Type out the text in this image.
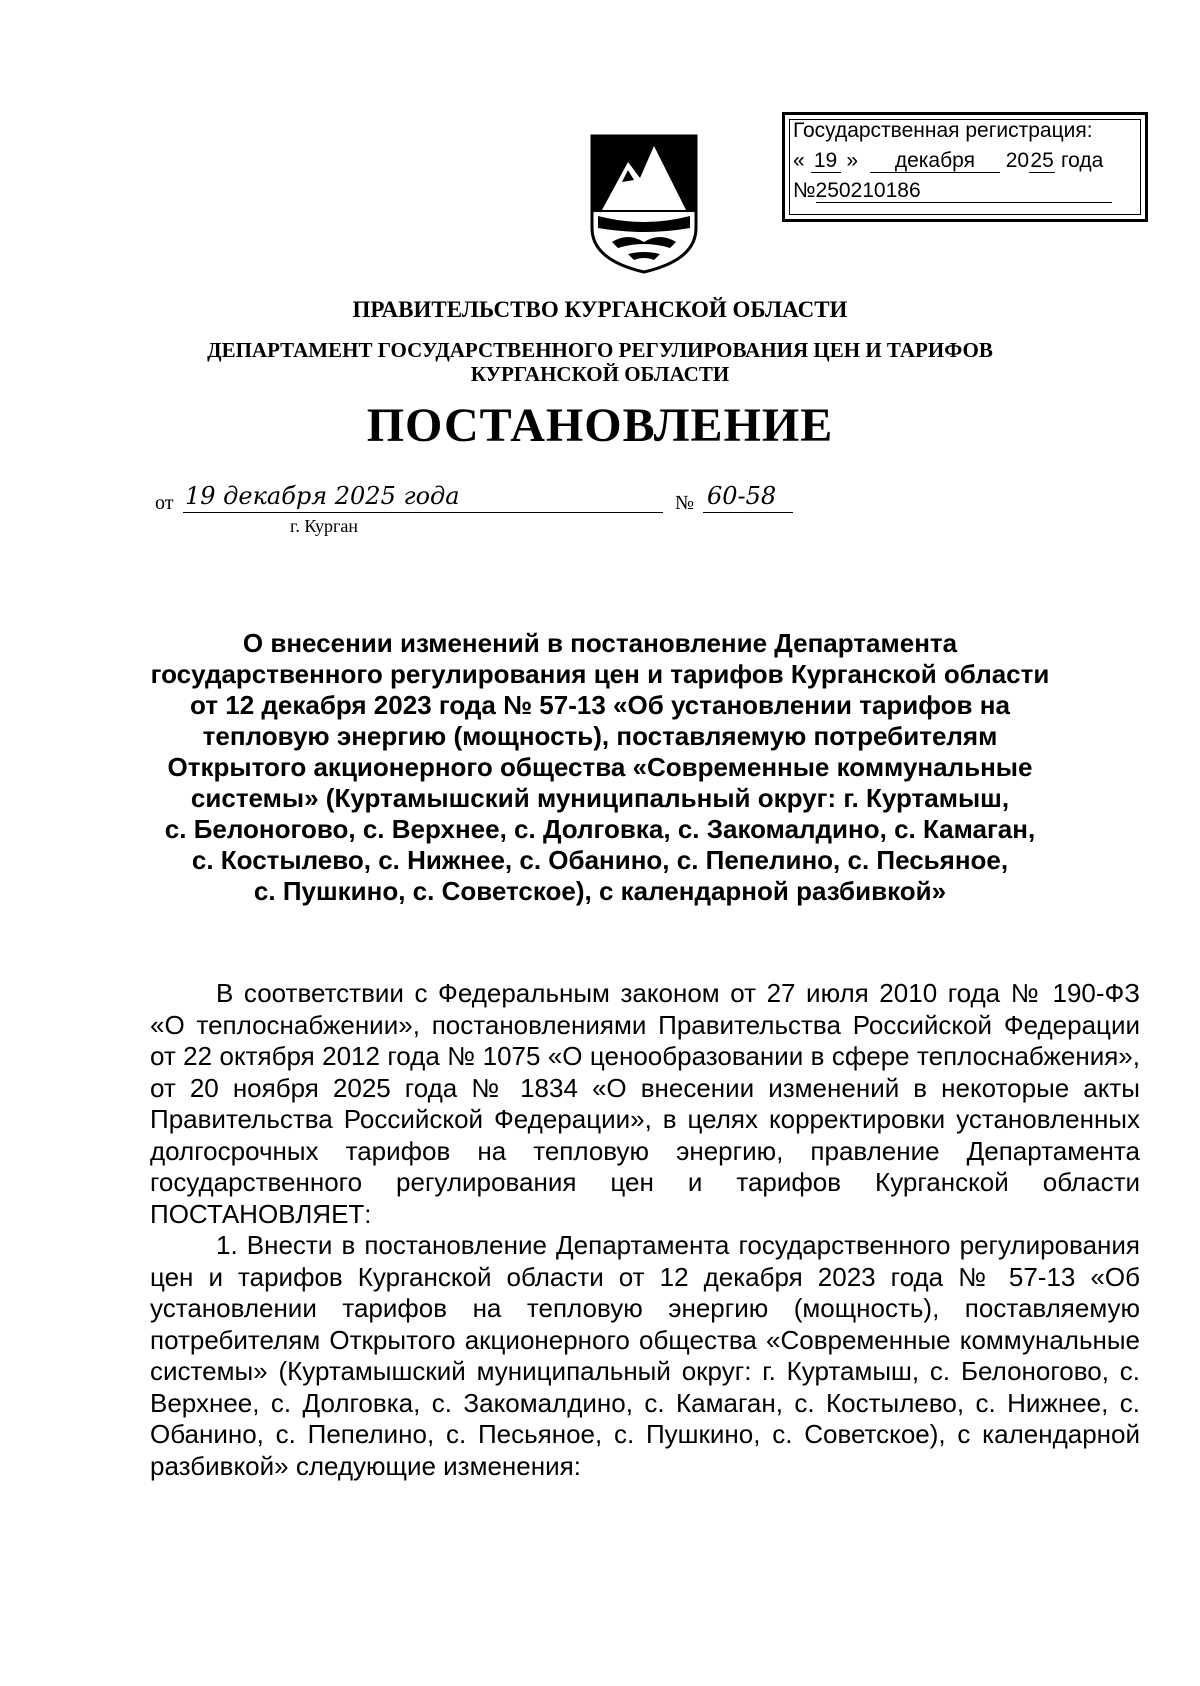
Государственная регистрация:
« 19 » декабря 2025 года
№250210186
ПРАВИТЕЛЬСТВО КУРГАНСКОЙ ОБЛАСТИ
ДЕПАРТАМЕНТ ГОСУДАРСТВЕННОГО РЕГУЛИРОВАНИЯ ЦЕН И ТАРИФОВ
КУРГАНСКОЙ ОБЛАСТИ
ПОСТАНОВЛЕНИЕ
от 19 декабря 2025 года	№ 60-58
г. Курган
О внесении изменений в постановление Департамента
государственного регулирования цен и тарифов Курганской области
от 12 декабря 2023 года № 57-13 «Об установлении тарифов на
тепловую энергию (мощность), поставляемую потребителям
Открытого акционерного общества «Современные коммунальные
системы» (Куртамышский муниципальный округ: г. Куртамыш,
с. Белоногово, с. Верхнее, с. Долговка, с. Закомалдино, с. Камаган,
с. Костылево, с. Нижнее, с. Обанино, с. Пепелино, с. Песьяное,
с. Пушкино, с. Советское), с календарной разбивкой»

В соответствии с Федеральным законом от 27 июля 2010 года № 190-ФЗ «О теплоснабжении», постановлениями Правительства Российской Федерации от 22 октября 2012 года № 1075 «О ценообразовании в сфере теплоснабжения», от 20 ноября 2025 года № 1834 «О внесении изменений в некоторые акты Правительства Российской Федерации», в целях корректировки установленных долгосрочных тарифов на тепловую энергию, правление Департамента государственного регулирования цен и тарифов Курганской области ПОСТАНОВЛЯЕТ:

1. Внести в постановление Департамента государственного регулирования цен и тарифов Курганской области от 12 декабря 2023 года № 57-13 «Об установлении тарифов на тепловую энергию (мощность), поставляемую потребителям Открытого акционерного общества «Современные коммунальные системы» (Куртамышский муниципальный округ: г. Куртамыш, с. Белоногово, с. Верхнее, с. Долговка, с. Закомалдино, с. Камаган, с. Костылево, с. Нижнее, с. Обанино, с. Пепелино, с. Песьяное, с. Пушкино, с. Советское), с календарной разбивкой» следующие изменения:
